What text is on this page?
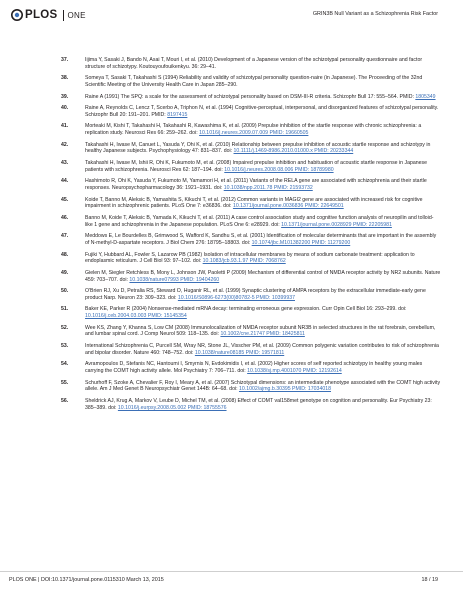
PLOS ONE	GRIN3B Null Variant as a Schizophrenia Risk Factor
37.	Iijima Y, Sasaki J, Bando N, Asai T, Mouri I, et al. (2010) Development of a Japanese version of the schizotypal personality questionnaire and factor structure of schizotypy. Koutouyoufouikenkyu. 36: 29–41.
38.	Someya T, Sasaki T, Takahashi S (1994) Reliability and validity of schizotypal personality question-naire (in Japanese). The Proceeding of the 32nd Scientific Meeting of the University Health Care in Japan 285–290.
39.	Raine A (1991) The SPQ: a scale for the assessment of schizotypal personality based on DSM-III-R criteria. Schizophr Bull 17: 555–564. PMID: 1805349
40.	Raine A, Reynolds C, Lencz T, Scerbo A, Triphon N, et al. (1994) Cognitive-perceptual, interpersonal, and disorganized features of schizotypal personality. Schizophr Bull 20: 191–201. PMID: 8197415
41.	Morteaki M, Kishi T, Takahashi H, Takahashi R, Kawashima K, et al. (2009) Prepulse inhibition of the startle response with chronic schizophrenia: a replication study. Neurosci Res 66: 259–262. doi: 10.1016/j.neures.2009.07.009 PMID: 19660505
42.	Takahashi H, Iwase M, Canuet L, Yasuda Y, Ohi K, et al. (2010) Relationship between prepulse inhibition of acoustic startle response and schizotypy in healthy Japanese subjects. Psychophysiology 47: 831–837. doi: 10.1111/j.1469-8986.2010.01000.x PMID: 20233344
43.	Takahashi H, Iwase M, Ishii R, Ohi K, Fukumoto M, et al. (2008) Impaired prepulse inhibition and habituation of acoustic startle response in Japanese patients with schizophrenia. Neurosci Res 62: 187–194. doi: 10.1016/j.neures.2008.08.006 PMID: 18789980
44.	Hashimoto R, Ohi K, Yasuda Y, Fukumoto M, Yamamori H, et al. (2011) Variants of the RELA gene are associated with schizophrenia and their startle responses. Neuropsychopharmacology 36: 1921–1931. doi: 10.1038/npp.2011.78 PMID: 21593732
45.	Koide T, Banno M, Aleksic B, Yamashita S, Kikuchi T, et al. (2012) Common variants in MAGI2 gene are associated with increased risk for cognitive impairment in schizophrenic patients. PLoS One 7: e36836. doi: 10.1371/journal.pone.0036836 PMID: 22649501
46.	Banno M, Koide T, Aleksic B, Yamada K, Kikuchi T, et al. (2011) A case control association study and cognitive function analysis of neuropilin and tolloid-like 1 gene and schizophrenia in the Japanese population. PLoS One 6: e28929. doi: 10.1371/journal.pone.0028929 PMID: 22205981
47.	Meddows E, Le Bourdelles B, Grimwood S, Wafford K, Sandhu S, et al. (2001) Identification of molecular determinants that are important in the assembly of N-methyl-D-aspartate receptors. J Biol Chem 276: 18795–18803. doi: 10.1074/jbc.M101382200 PMID: 11279200
48.	Fujiki Y, Hubbard AL, Fowler S, Lazarow PB (1982) Isolation of intracellular membranes by means of sodium carbonate treatment: application to endoplasmic reticulum. J Cell Biol 93: 97–102. doi: 10.1083/jcb.93.1.97 PMID: 7068762
49.	Gielen M, Siegler Retchless B, Mony L, Johnson JW, Paoletti P (2009) Mechanism of differential control of NMDA receptor activity by NR2 subunits. Nature 459: 703–707. doi: 10.1038/nature07993 PMID: 19404260
50.	O'Brien RJ, Xu D, Petralia RS, Steward O, Huganir RL, et al. (1999) Synaptic clustering of AMPA receptors by the extracellular immediate-early gene product Narp. Neuron 23: 309–323. doi: 10.1016/S0896-6273(00)80782-5 PMID: 10399937
51.	Baker KE, Parker R (2004) Nonsense-mediated mRNA decay: terminating erroneous gene expression. Curr Opin Cell Biol 16: 293–299. doi: 10.1016/j.ceb.2004.03.003 PMID: 15145354
52.	Wee KS, Zhang Y, Khanna S, Low CM (2008) Immunolocalization of NMDA receptor subunit NR3B in selected structures in the rat forebrain, cerebellum, and lumbar spinal cord. J Comp Neurol 509: 118–135. doi: 10.1002/cne.21747 PMID: 18425811
53.	International Schizophrenia C, Purcell SM, Wray NR, Stone JL, Visscher PM, et al. (2009) Common polygenic variation contributes to risk of schizophrenia and bipolar disorder. Nature 460: 748–752. doi: 10.1038/nature08185 PMID: 19571811
54.	Avramopoulos D, Stefanis NC, Hantoumi I, Smyrnis N, Evdokimidis I, et al. (2002) Higher scores of self reported schizotypy in healthy young males carrying the COMT high activity allele. Mol Psychiatry 7: 706–711. doi: 10.1038/sj.mp.4001070 PMID: 12192614
55.	Schurhoff F, Szoke A, Chevalier F, Roy I, Meary A, et al. (2007) Schizotypal dimensions: an intermediate phenotype associated with the COMT high activity allele. Am J Med Genet B Neuropsychiatr Genet 144B: 64–68. doi: 10.1002/ajmg.b.30395 PMID: 17034018
56.	Sheldrick AJ, Krug A, Markov V, Leube D, Michel TM, et al. (2008) Effect of COMT val158met genotype on cognition and personality. Eur Psychiatry 23: 385–389. doi: 10.1016/j.eurpsy.2008.05.002 PMID: 18755576
PLOS ONE | DOI:10.1371/journal.pone.0115310 March 13, 2015	18 / 19
